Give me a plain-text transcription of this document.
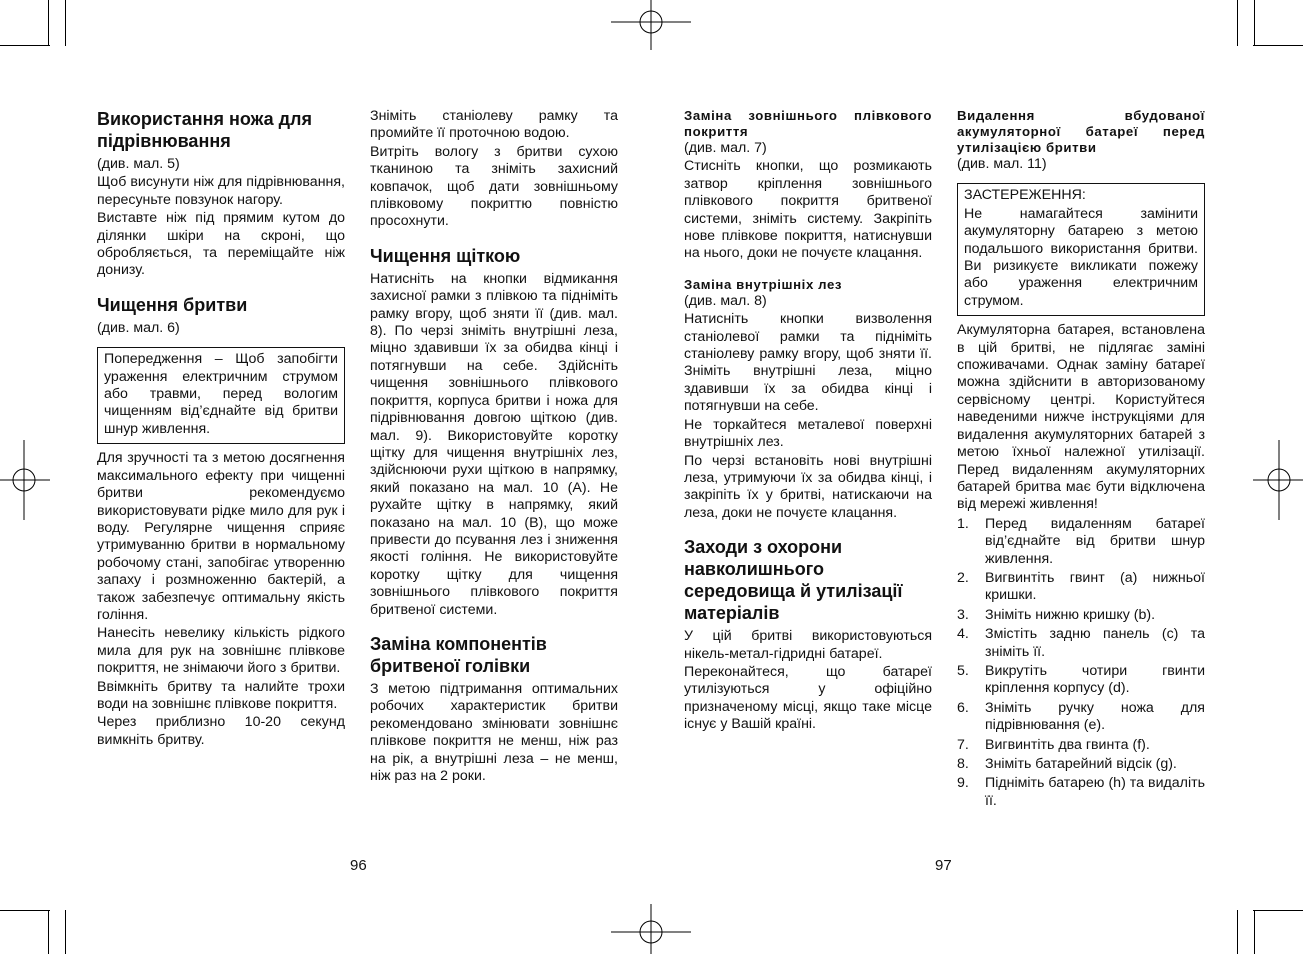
Використання ножа для підрівнювання

(див. мал. 5)

Щоб висунути ніж для підрівнювання, пересуньте повзунок нагору.

Виставте ніж під прямим кутом до ділянки шкіри на скроні, що обробляється, та переміщайте ніж донизу.

Чищення бритви

(див. мал. 6)

Попередження – Щоб запобігти ураження електричним струмом або травми, перед вологим чищенням від’єднайте від бритви шнур живлення.

Для зручності та з метою досягнення максимального ефекту при чищенні бритви рекомендуємо використовувати рідке мило для рук і воду. Регулярне чищення сприяє утримуванню бритви в нормальному робочому стані, запобігає утворенню запаху і розмноженню бактерій, а також забезпечує оптимальну якість гоління.

Нанесіть невелику кількість рідкого мила для рук на зовнішнє плівкове покриття, не знімаючи його з бритви.

Ввімкніть бритву та налийте трохи води на зовнішнє плівкове покриття.

Через приблизно 10-20 секунд вимкніть бритву.

Зніміть станіолеву рамку та промийте її проточною водою.

Витріть вологу з бритви сухою тканиною та зніміть захисний ковпачок, щоб дати зовнішньому плівковому покриттю повністю просохнути.

Чищення щіткою

Натисніть на кнопки відмикання захисної рамки з плівкою та підніміть рамку вгору, щоб зняти її (див. мал. 8). По черзі зніміть внутрішні леза, міцно здавивши їх за обидва кінці і потягнувши на себе. Здійсніть чищення зовнішнього плівкового покриття, корпуса бритви і ножа для підрівнювання довгою щіткою (див. мал. 9). Використовуйте коротку щітку для чищення внутрішніх лез, здійснюючи рухи щіткою в напрямку, який показано на мал. 10 (А). Не рухайте щітку в напрямку, який показано на мал. 10 (В), що може привести до псування лез і зниження якості гоління. Не використовуйте коротку щітку для чищення зовнішнього плівкового покриття бритвеної системи.

Заміна компонентів бритвеної голівки

З метою підтримання оптимальних робочих характеристик бритви рекомендовано змінювати зовнішнє плівкове покриття не менш, ніж раз на рік, а внутрішні леза – не менш, ніж раз на 2 роки.

Заміна зовнішнього плівкового покриття

(див. мал. 7)

Стисніть кнопки, що розмикають затвор кріплення зовнішнього плівкового покриття бритвеної системи, зніміть систему. Закріпіть нове плівкове покриття, натиснувши на нього, доки не почуєте клацання.

Заміна внутрішніх лез

(див. мал. 8)

Натисніть кнопки визволення станіолевої рамки та підніміть станіолеву рамку вгору, щоб зняти її. Зніміть внутрішні леза, міцно здавивши їх за обидва кінці і потягнувши на себе.

Не торкайтеся металевої поверхні внутрішніх лез.

По черзі встановіть нові внутрішні леза, утримуючи їх за обидва кінці, і закріпіть їх у бритві, натискаючи на леза, доки не почуєте клацання.

Заходи з охорони навколишнього середовища й утилізації матеріалів

У цій бритві використовуються нікель-метал-гідридні батареї.

Переконайтеся, що батареї утилізуються у офіційно призначеному місці, якщо таке місце існує у Вашій країні.

Видалення вбудованої акумуляторної батареї перед утилізацією бритви

(див. мал. 11)

ЗАСТЕРЕЖЕННЯ:

Не намагайтеся замінити акумуляторну батарею з метою подальшого використання бритви. Ви ризикуєте викликати пожежу або ураження електричним струмом.

Акумуляторна батарея, встановлена в цій бритві, не підлягає заміні споживачами. Однак заміну батареї можна здійснити в авторизованому сервісному центрі. Користуйтеся наведеними нижче інструкціями для видалення акумуляторних батарей з метою їхньої належної утилізації. Перед видаленням акумуляторних батарей бритва має бути відключена від мережі живлення!

1.	Перед видаленням батареї від’єднайте від бритви шнур живлення.
2.	Вигвинтіть гвинт (a) нижньої кришки.
3.	Зніміть нижню кришку (b).
4.	Змістіть задню панель (c) та зніміть її.
5.	Викрутіть чотири гвинти кріплення корпусу (d).
6.	Зніміть ручку ножа для підрівнювання (e).
7.	Вигвинтіть два гвинта (f).
8.	Зніміть батарейний відсік (g).
9.	Підніміть батарею (h) та видаліть її.
96	97
